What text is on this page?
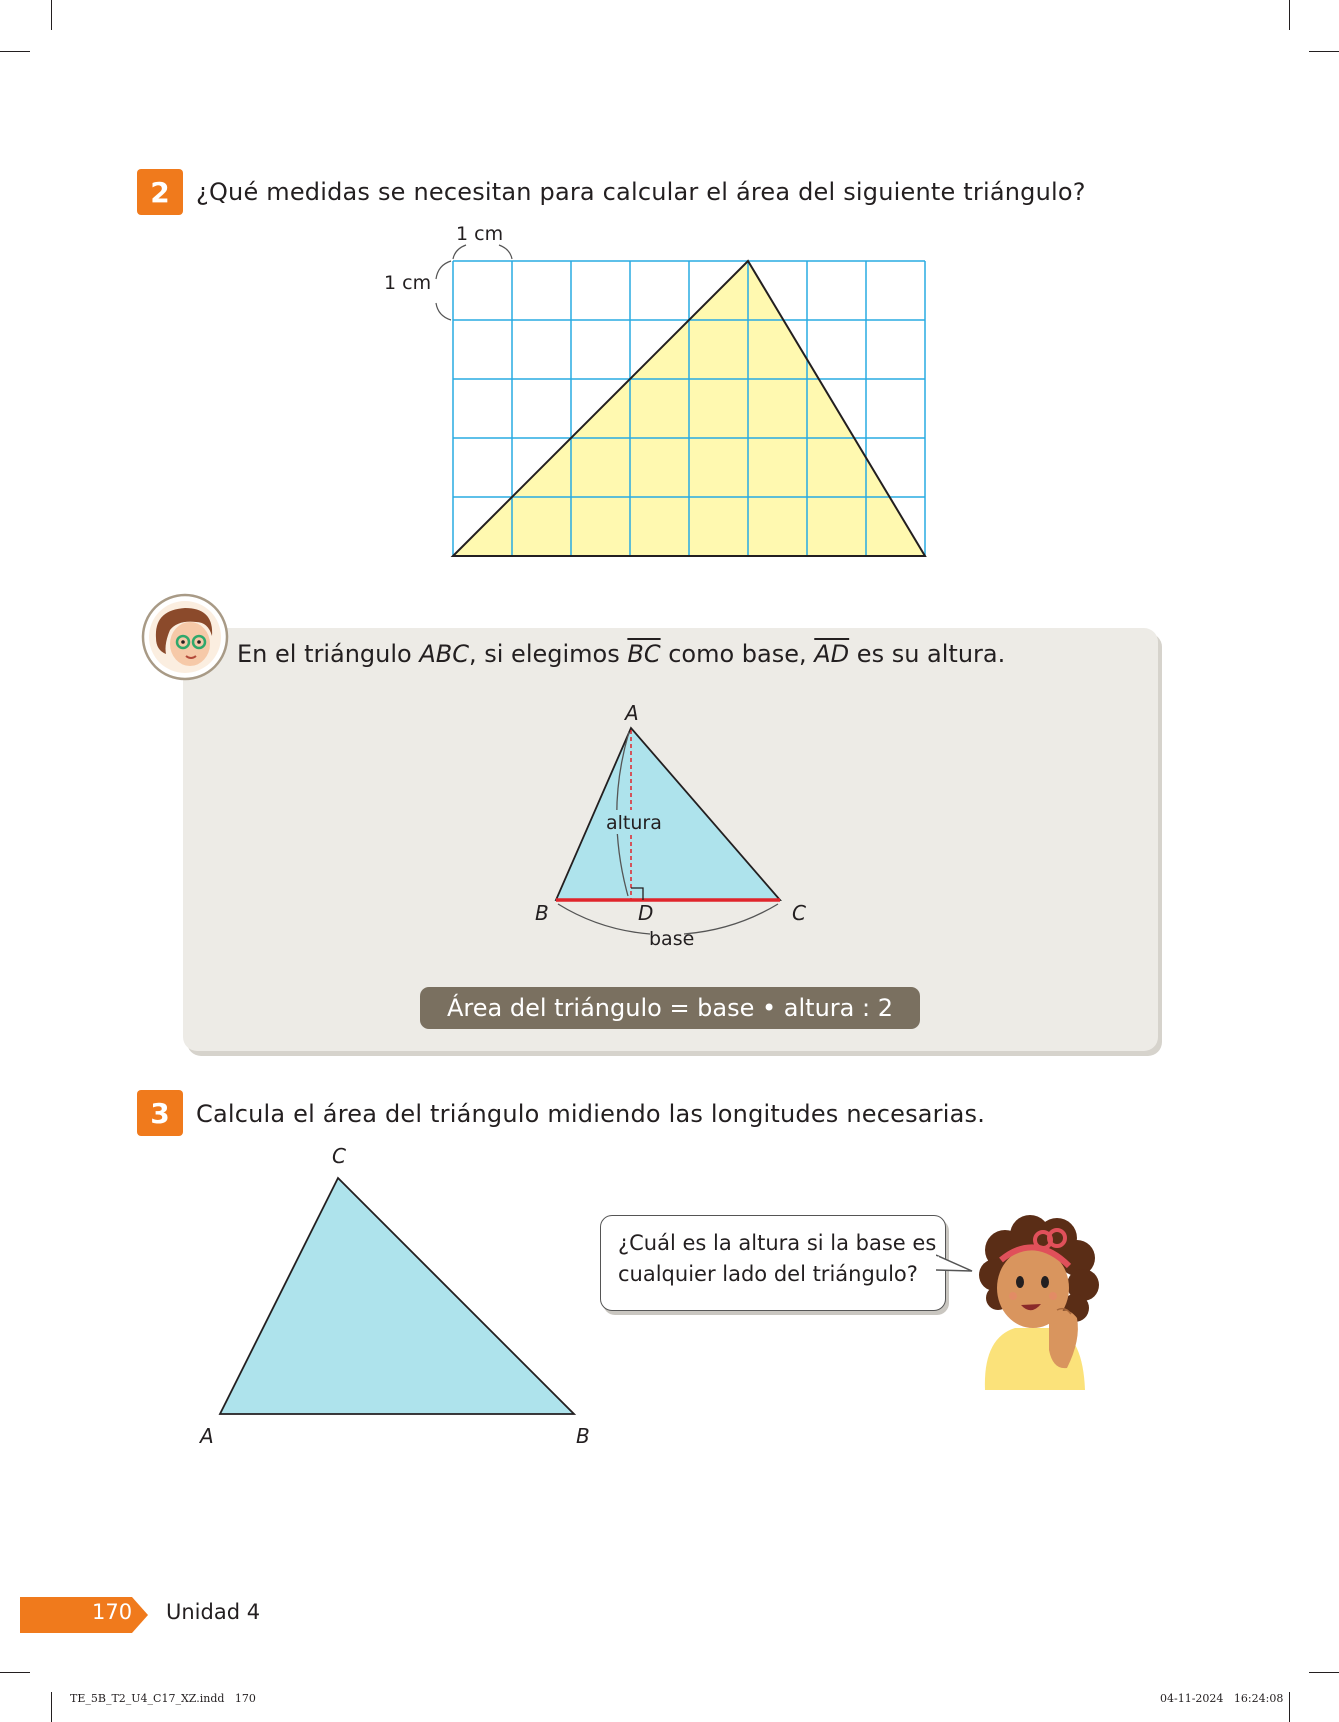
2	¿Qué medidas se necesitan para calcular el área del siguiente triángulo?
1 cm
1 cm
En el triángulo ABC, si elegimos $\overline{BC}$ como base, $\overline{AD}$ es su altura.
altura
base
A
B	C
D
Área del triángulo = base • altura : 2
3	Calcula el área del triángulo midiendo las longitudes necesarias.
C
A	B
¿Cuál es la altura si la base es
cualquier lado del triángulo?
170 Unidad 4
TE_5B_T2_U4_C17_XZ.indd   170	04-11-2024   16:24:08
